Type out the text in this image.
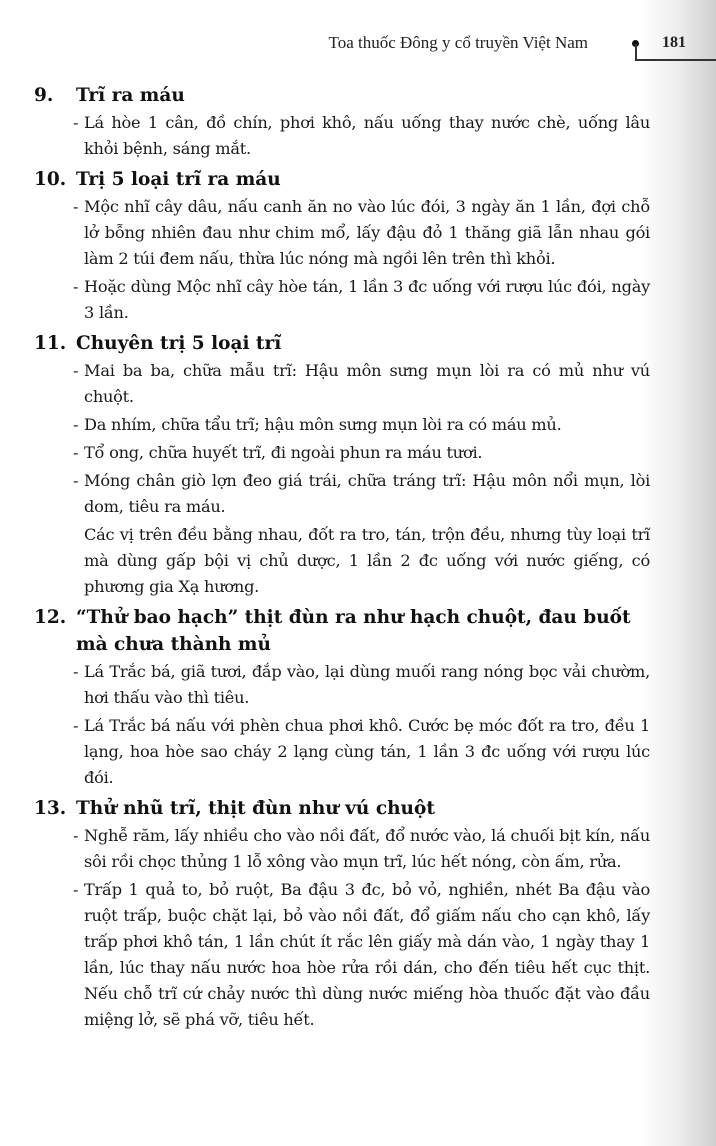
Toa thuốc Đông y cổ truyền Việt Nam	181
9.	Trĩ ra máu
- Lá hòe 1 cân, đồ chín, phơi khô, nấu uống thay nước chè, uống lâu khỏi bệnh, sáng mắt.
10. Trị 5 loại trĩ ra máu
- Mộc nhĩ cây dâu, nấu canh ăn no vào lúc đói, 3 ngày ăn 1 lần, đợi chỗ lở bỗng nhiên đau như chim mổ, lấy đậu đỏ 1 thăng giã lẫn nhau gói làm 2 túi đem nấu, thừa lúc nóng mà ngồi lên trên thì khỏi.
- Hoặc dùng Mộc nhĩ cây hòe tán, 1 lần 3 đc uống với rượu lúc đói, ngày 3 lần.
11. Chuyên trị 5 loại trĩ
- Mai ba ba, chữa mẫu trĩ: Hậu môn sưng mụn lòi ra có mủ như vú chuột.
- Da nhím, chữa tẩu trĩ; hậu môn sưng mụn lòi ra có máu mủ.
- Tổ ong, chữa huyết trĩ, đi ngoài phun ra máu tươi.
- Móng chân giò lợn đeo giá trái, chữa tráng trĩ: Hậu môn nổi mụn, lòi dom, tiêu ra máu.
Các vị trên đều bằng nhau, đốt ra tro, tán, trộn đều, nhưng tùy loại trĩ mà dùng gấp bội vị chủ dược, 1 lần 2 đc uống với nước giếng, có phương gia Xạ hương.
12. “Thử bao hạch” thịt đùn ra như hạch chuột, đau buốt mà chưa thành mủ
- Lá Trắc bá, giã tươi, đắp vào, lại dùng muối rang nóng bọc vải chườm, hơi thấu vào thì tiêu.
- Lá Trắc bá nấu với phèn chua phơi khô. Cước bẹ móc đốt ra tro, đều 1 lạng, hoa hòe sao cháy 2 lạng cùng tán, 1 lần 3 đc uống với rượu lúc đói.
13. Thử nhũ trĩ, thịt đùn như vú chuột
- Nghễ răm, lấy nhiều cho vào nồi đất, đổ nước vào, lá chuối bịt kín, nấu sôi rồi chọc thủng 1 lỗ xông vào mụn trĩ, lúc hết nóng, còn ấm, rửa.
- Trấp 1 quả to, bỏ ruột, Ba đậu 3 đc, bỏ vỏ, nghiền, nhét Ba đậu vào ruột trấp, buộc chặt lại, bỏ vào nồi đất, đổ giấm nấu cho cạn khô, lấy trấp phơi khô tán, 1 lần chút ít rắc lên giấy mà dán vào, 1 ngày thay 1 lần, lúc thay nấu nước hoa hòe rửa rồi dán, cho đến tiêu hết cục thịt. Nếu chỗ trĩ cứ chảy nước thì dùng nước miếng hòa thuốc đặt vào đầu miệng lở, sẽ phá vỡ, tiêu hết.
